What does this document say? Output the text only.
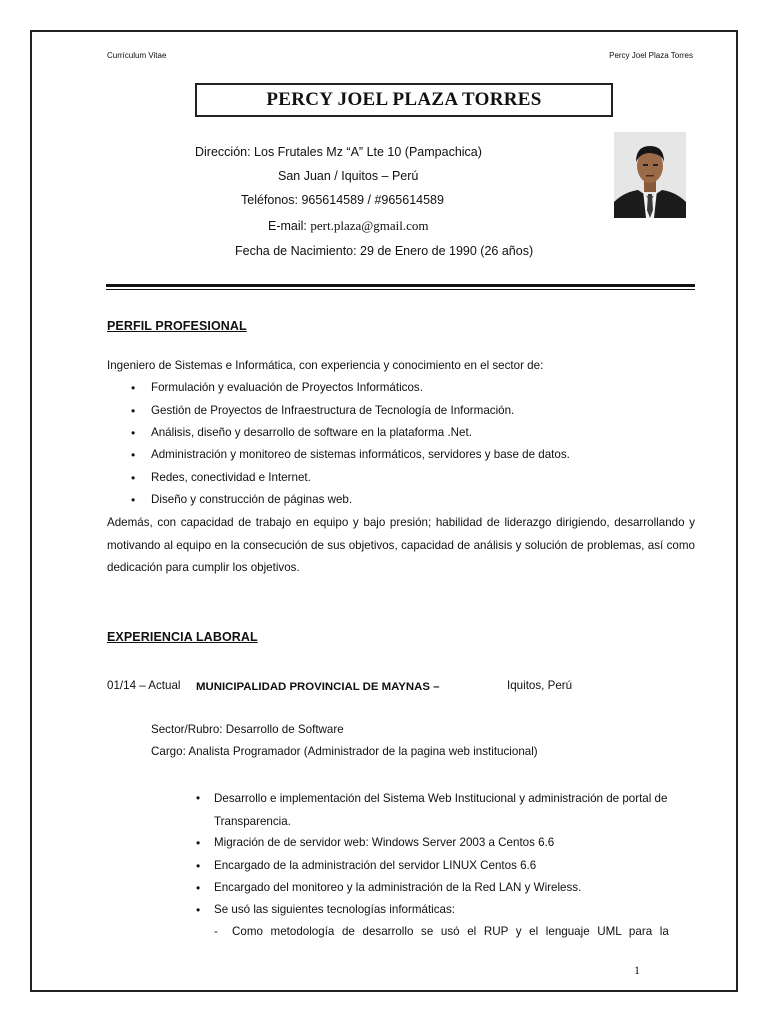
Currículum Vitae	Percy Joel Plaza Torres
PERCY JOEL PLAZA TORRES
Dirección: Los Frutales Mz “A” Lte 10 (Pampachica)
San Juan / Iquitos – Perú
Teléfonos: 965614589 / #965614589
E-mail: pert.plaza@gmail.com
Fecha de Nacimiento: 29 de Enero de 1990 (26 años)
PERFIL PROFESIONAL
Ingeniero de Sistemas e Informática, con experiencia y conocimiento en el sector de:
• Formulación y evaluación de Proyectos Informáticos.
• Gestión de Proyectos de Infraestructura de Tecnología de Información.
• Análisis, diseño y desarrollo de software en la plataforma .Net.
• Administración y monitoreo de sistemas informáticos, servidores y base de datos.
• Redes, conectividad e Internet.
• Diseño y construcción de páginas web.
Además, con capacidad de trabajo en equipo y bajo presión; habilidad de liderazgo dirigiendo, desarrollando y motivando al equipo en la consecución de sus objetivos, capacidad de análisis y solución de problemas, así como dedicación para cumplir los objetivos.
EXPERIENCIA LABORAL
01/14 – Actual MUNICIPALIDAD PROVINCIAL DE MAYNAS –	Iquitos, Perú
Sector/Rubro: Desarrollo de Software
Cargo: Analista Programador (Administrador de la pagina web institucional)
• Desarrollo e implementación del Sistema Web Institucional y administración de portal de Transparencia.
• Migración de de servidor web: Windows Server 2003 a Centos 6.6
• Encargado de la administración del servidor LINUX Centos 6.6
• Encargado del monitoreo y la administración de la Red LAN y Wireless.
• Se usó las siguientes tecnologías informáticas:
- Como metodología de desarrollo se usó el RUP y el lenguaje UML para la
1
